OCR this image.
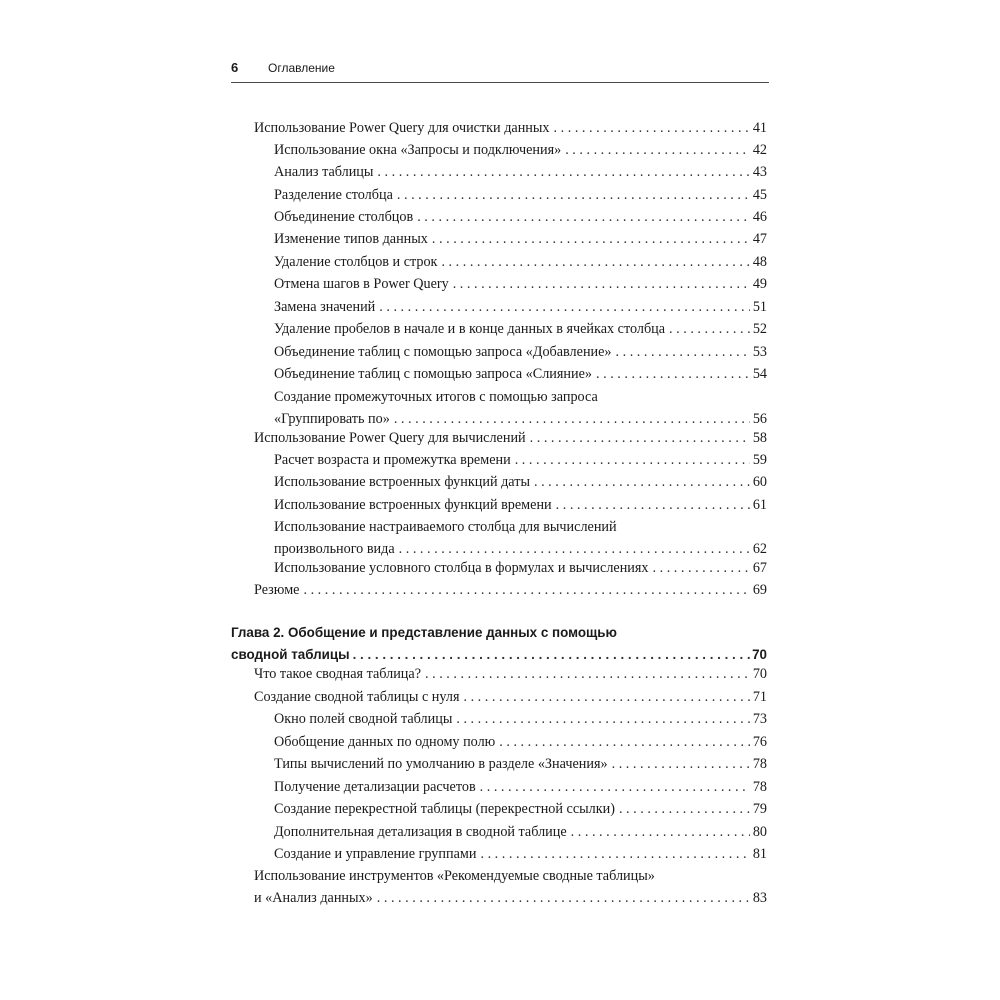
6 Оглавление
Использование Power Query для очистки данных . . .	41
Использование окна «Запросы и подключения» . . .	42
Анализ таблицы . . .	43
Разделение столбца . . .	45
Объединение столбцов . . .	46
Изменение типов данных . . .	47
Удаление столбцов и строк . . .	48
Отмена шагов в Power Query . . .	49
Замена значений . . .	51
Удаление пробелов в начале и в конце данных в ячейках столбца . . .	52
Объединение таблиц с помощью запроса «Добавление» . . .	53
Объединение таблиц с помощью запроса «Слияние» . . .	54
Создание промежуточных итогов с помощью запроса
«Группировать по» . . .	56
Использование Power Query для вычислений . . .	58
Расчет возраста и промежутка времени . . .	59
Использование встроенных функций даты . . .	60
Использование встроенных функций времени . . .	61
Использование настраиваемого столбца для вычислений
произвольного вида . . .	62
Использование условного столбца в формулах и вычислениях . . .	67
Резюме . . .	69
Глава 2. Обобщение и представление данных с помощью
сводной таблицы . . .	70
Что такое сводная таблица? . . .	70
Создание сводной таблицы с нуля . . .	71
Окно полей сводной таблицы . . .	73
Обобщение данных по одному полю . . .	76
Типы вычислений по умолчанию в разделе «Значения» . . .	78
Получение детализации расчетов . . .	78
Создание перекрестной таблицы (перекрестной ссылки) . . .	79
Дополнительная детализация в сводной таблице . . .	80
Создание и управление группами . . .	81
Использование инструментов «Рекомендуемые сводные таблицы»
и «Анализ данных» . . .	83
